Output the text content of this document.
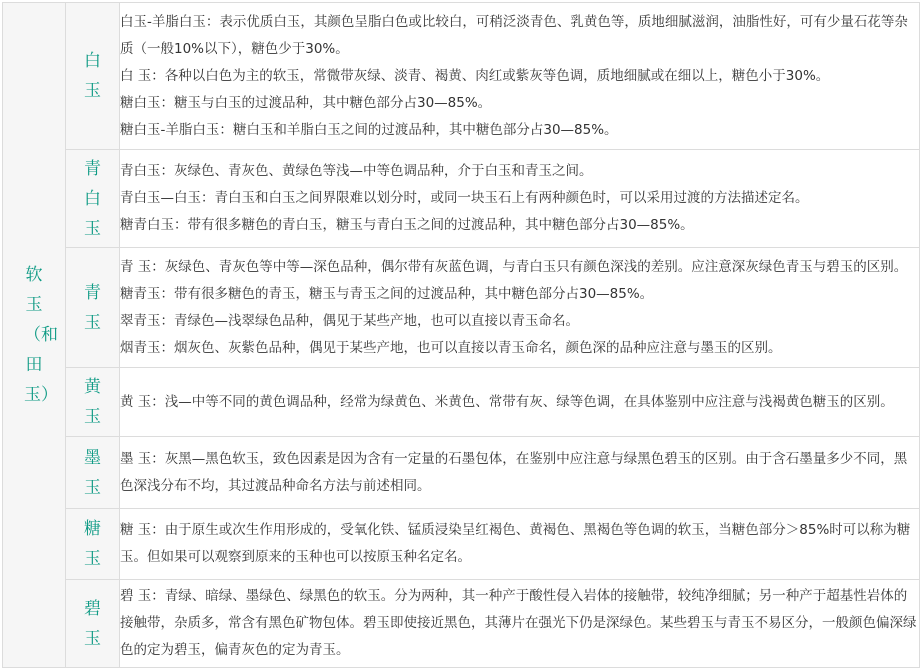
软玉（和田玉）	白玉	白玉-羊脂白玉：表示优质白玉，其颜色呈脂白色或比较白，可稍泛淡青色、乳黄色等，质地细腻滋润，油脂性好，可有少量石花等杂质（一般10%以下），糖色少于30%。

白 玉：各种以白色为主的软玉，常微带灰绿、淡青、褐黄、肉红或紫灰等色调，质地细腻或在细以上，糖色小于30%。

糖白玉：糖玉与白玉的过渡品种，其中糖色部分占30—85%。

糖白玉-羊脂白玉：糖白玉和羊脂白玉之间的过渡品种，其中糖色部分占30—85%。

	青白玉	青白玉：灰绿色、青灰色、黄绿色等浅—中等色调品种，介于白玉和青玉之间。

青白玉—白玉：青白玉和白玉之间界限难以划分时，或同一块玉石上有两种颜色时，可以采用过渡的方法描述定名。

糖青白玉：带有很多糖色的青白玉，糖玉与青白玉之间的过渡品种，其中糖色部分占30—85%。

	青玉	青 玉：灰绿色、青灰色等中等—深色品种，偶尔带有灰蓝色调，与青白玉只有颜色深浅的差别。应注意深灰绿色青玉与碧玉的区别。糖青玉：带有很多糖色的青玉，糖玉与青玉之间的过渡品种，其中糖色部分占30—85%。

翠青玉：青绿色—浅翠绿色品种，偶见于某些产地，也可以直接以青玉命名。

烟青玉：烟灰色、灰紫色品种，偶见于某些产地，也可以直接以青玉命名，颜色深的品种应注意与墨玉的区别。

	黄玉	黄 玉：浅—中等不同的黄色调品种，经常为绿黄色、米黄色、常带有灰、绿等色调，在具体鉴别中应注意与浅褐黄色糖玉的区别。

	墨玉	墨 玉：灰黑—黑色软玉，致色因素是因为含有一定量的石墨包体，在鉴别中应注意与绿黑色碧玉的区别。由于含石墨量多少不同，黑色深浅分布不均，其过渡品种命名方法与前述相同。

	糖玉	糖 玉：由于原生或次生作用形成的，受氧化铁、锰质浸染呈红褐色、黄褐色、黑褐色等色调的软玉，当糖色部分＞85%时可以称为糖玉。但如果可以观察到原来的玉种也可以按原玉种名定名。

	碧玉	碧 玉：青绿、暗绿、墨绿色、绿黑色的软玉。分为两种，其一种产于酸性侵入岩体的接触带，较纯净细腻；另一种产于超基性岩体的接触带，杂质多，常含有黑色矿物包体。碧玉即使接近黑色，其薄片在强光下仍是深绿色。某些碧玉与青玉不易区分，一般颜色偏深绿色的定为碧玉，偏青灰色的定为青玉。
